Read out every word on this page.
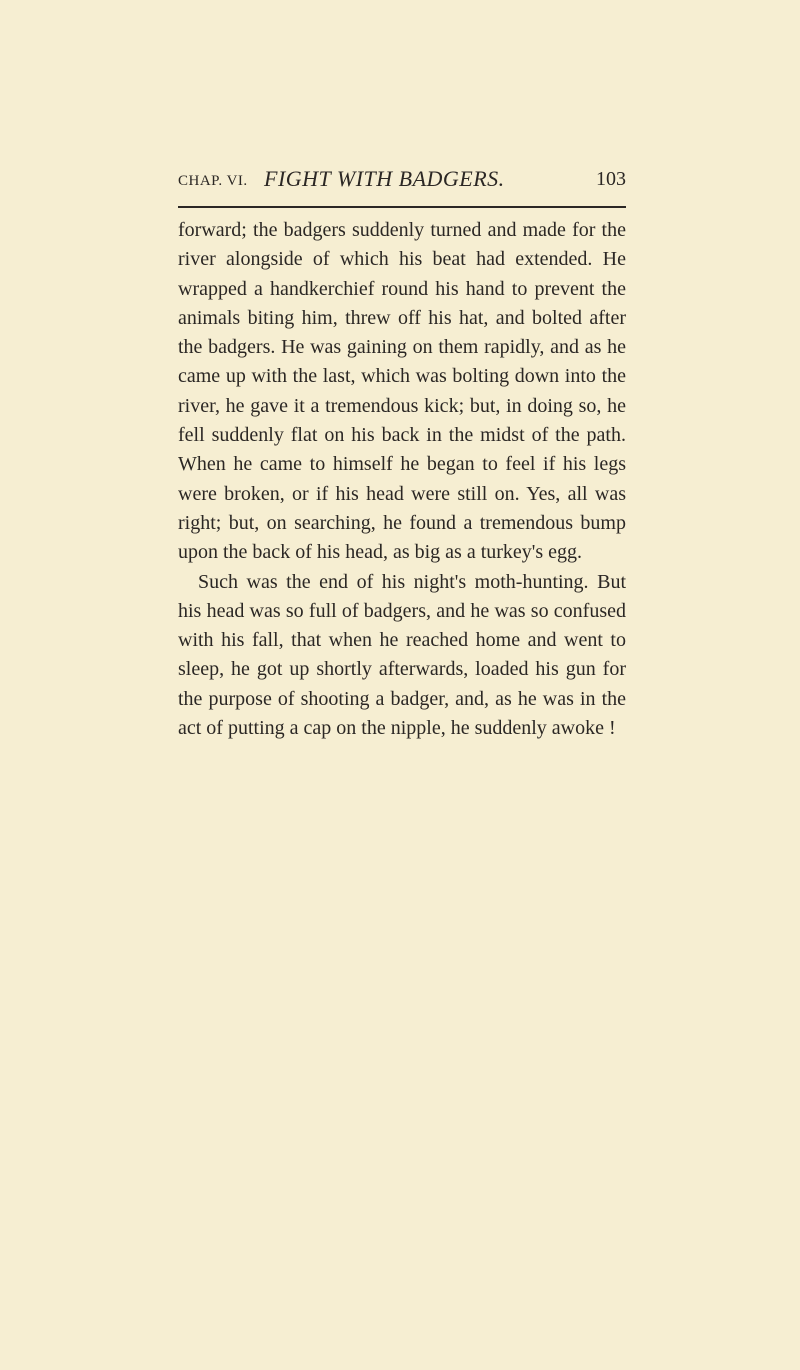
CHAP. VI. FIGHT WITH BADGERS.	103

forward; the badgers suddenly turned and made for the river alongside of which his beat had extended. He wrapped a handkerchief round his hand to prevent the animals biting him, threw off his hat, and bolted after the badgers. He was gaining on them rapidly, and as he came up with the last, which was bolting down into the river, he gave it a tremendous kick; but, in doing so, he fell suddenly flat on his back in the midst of the path. When he came to himself he began to feel if his legs were broken, or if his head were still on. Yes, all was right; but, on searching, he found a tremendous bump upon the back of his head, as big as a turkey's egg.

Such was the end of his night's moth-hunting. But his head was so full of badgers, and he was so confused with his fall, that when he reached home and went to sleep, he got up shortly afterwards, loaded his gun for the purpose of shooting a badger, and, as he was in the act of putting a cap on the nipple, he suddenly awoke !
